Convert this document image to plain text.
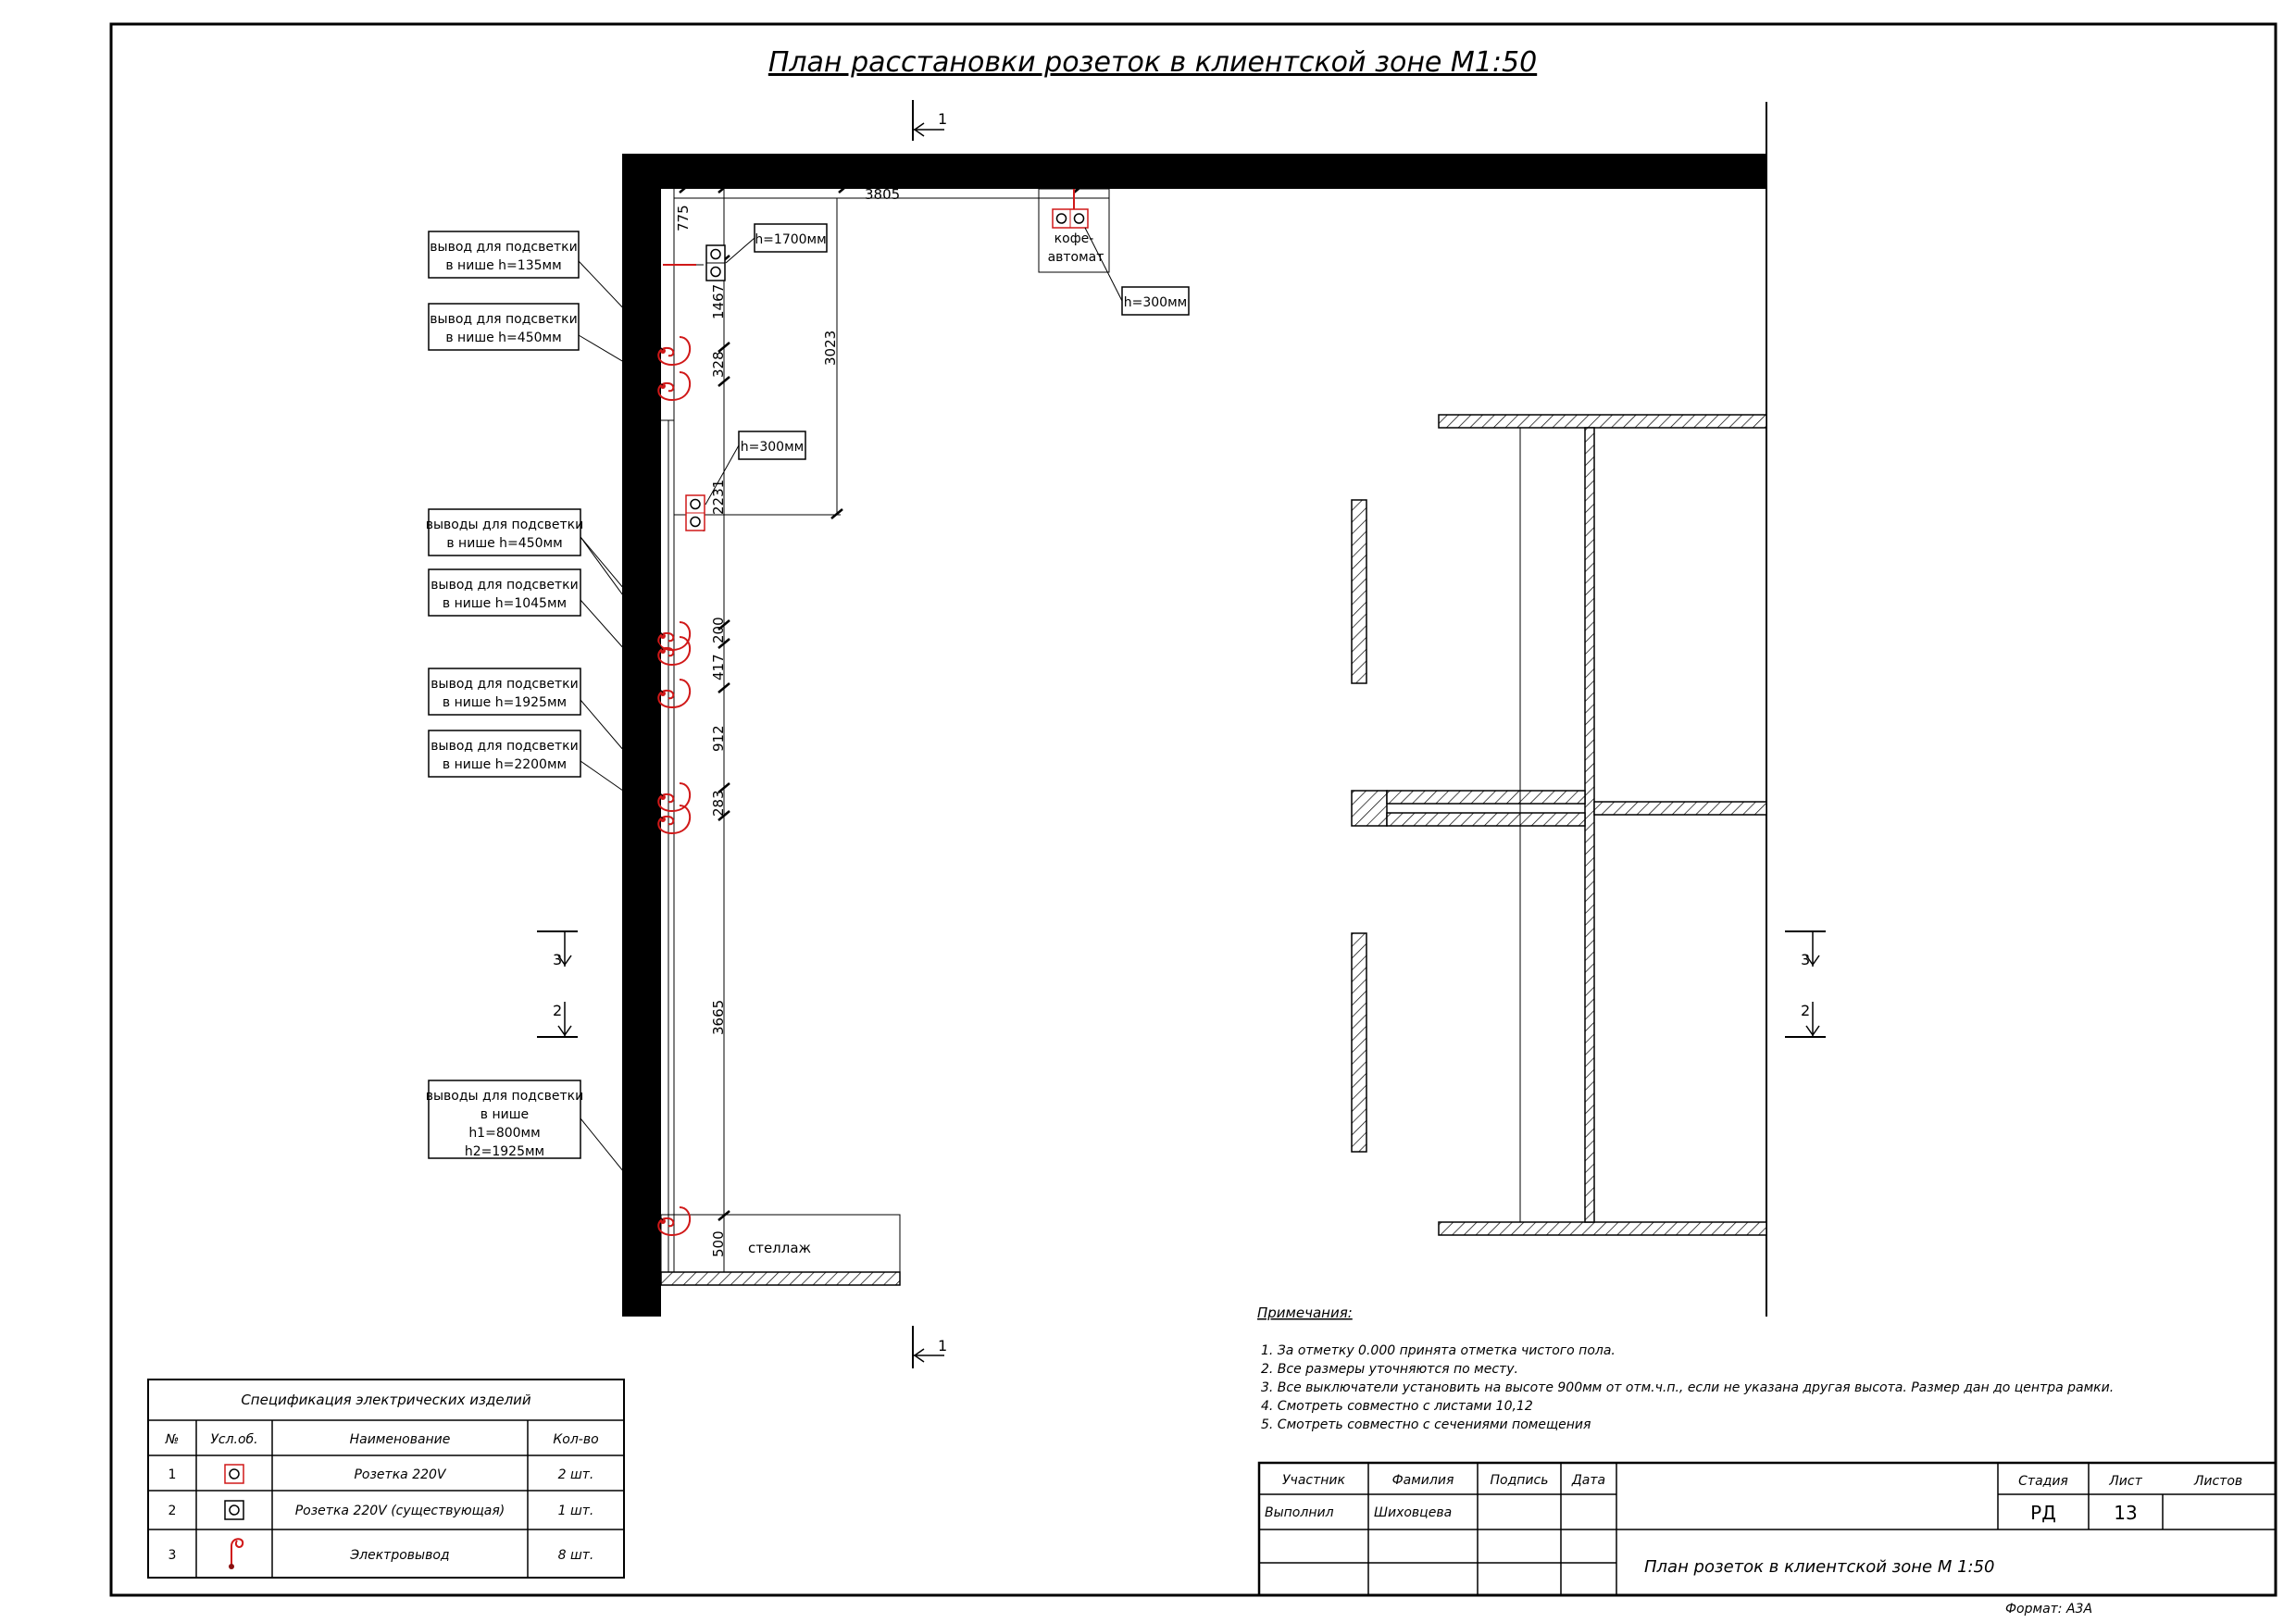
План расстановки розеток в клиентской зоне М1:50
1
1
3
2
3
2
стеллаж
кофе-
автомат
3805
775
1467
328	3023
2231
200
417
912
283
3665
500
h=1700мм
h=300мм
h=300мм
вывод для подсветки
в нише h=135мм
вывод для подсветки
в нише h=450мм
выводы для подсветки
в нише h=450мм
вывод для подсветки
в нише h=1045мм
вывод для подсветки
в нише h=1925мм
вывод для подсветки
в нише h=2200мм
выводы для подсветки
в нише
h1=800мм
h2=1925мм
Примечания:
1. За отметку 0.000 принята отметка чистого пола.
2. Все размеры уточняются по месту.
3. Все выключатели установить на высоте 900мм от отм.ч.п., если не указана другая высота. Размер дан до центра рамки.
4. Смотреть совместно с листами 10,12
5. Смотреть совместно с сечениями помещения
Спецификация электрических изделий
№ Усл.об.	Наименование	Кол-во
1	Розетка 220V	2 шт.
2	Розетка 220V (существующая)	1 шт.
3	Электровывод	8 шт.
Участник	Фамилия	Подпись Дата
Выполнил	Шиховцева
Стадия	Лист	Листов
РД	13
План розеток в клиентской зоне М 1:50
Формат: А3А
